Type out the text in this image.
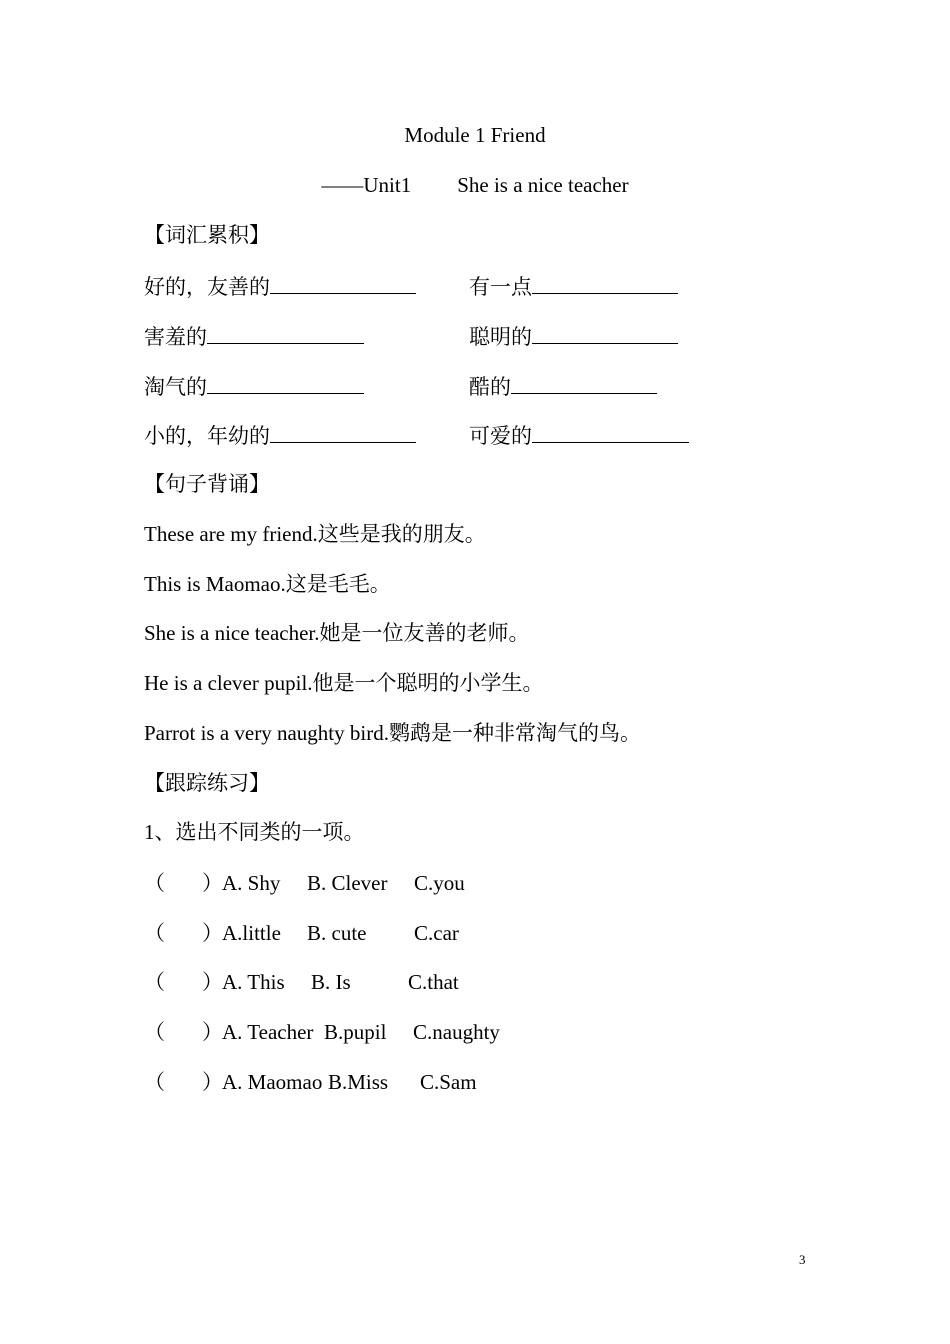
Module 1 Friend
——Unit1 She is a nice teacher
【词汇累积】
好的，友善的	有一点
害羞的	聪明的
淘气的	酷的
小的，年幼的	可爱的
【句子背诵】
These are my friend.这些是我的朋友。
This is Maomao.这是毛毛。
She is a nice teacher.她是一位友善的老师。
He is a clever pupil.他是一个聪明的小学生。
Parrot is a very naughty bird.鹦鹉是一种非常淘气的鸟。
【跟踪练习】
1、选出不同类的一项。
（ ）A. Shy B. Clever C.you
（ ）A.little B. cute C.car
（ ）A. This B. Is	C.that
（ ）A. Teacher B.pupil C.naughty
（ ）A. Maomao B.Miss C.Sam
3
